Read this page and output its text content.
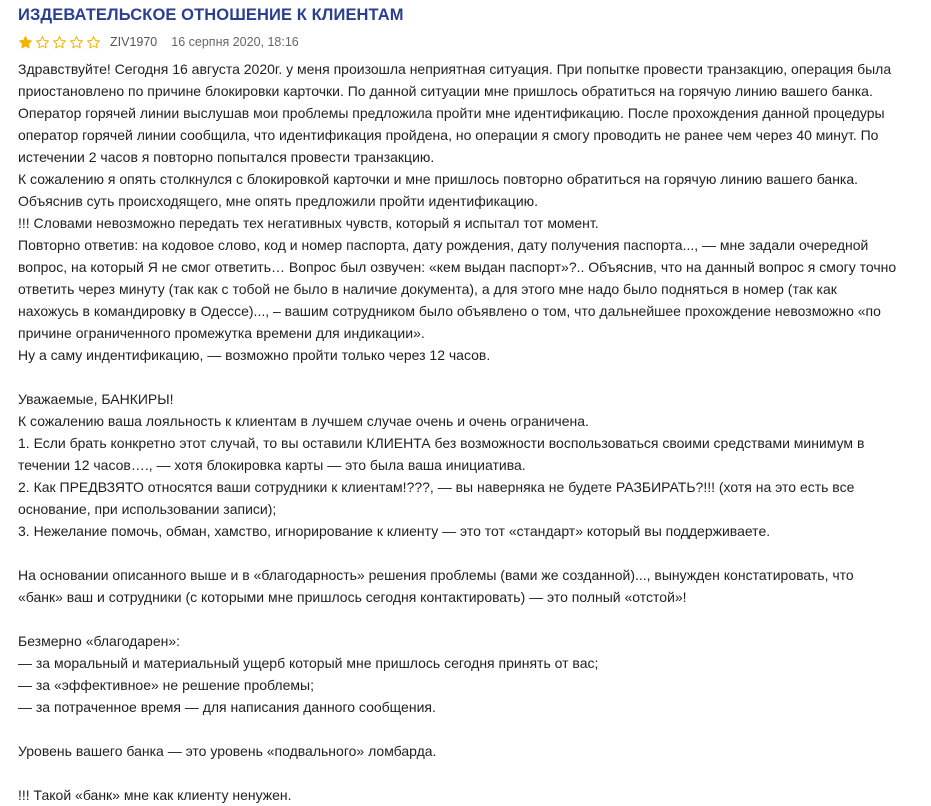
ИЗДЕВАТЕЛЬСКОЕ ОТНОШЕНИЕ К КЛИЕНТАМ
ZIV1970 16 серпня 2020, 18:16
Здравствуйте! Сегодня 16 августа 2020г. у меня произошла неприятная ситуация. При попытке провести транзакцию, операция была
приостановлено по причине блокировки карточки. По данной ситуации мне пришлось обратиться на горячую линию вашего банка.
Оператор горячей линии выслушав мои проблемы предложила пройти мне идентификацию. После прохождения данной процедуры
оператор горячей линии сообщила, что идентификация пройдена, но операции я смогу проводить не ранее чем через 40 минут. По
истечении 2 часов я повторно попытался провести транзакцию.
К сожалению я опять столкнулся с блокировкой карточки и мне пришлось повторно обратиться на горячую линию вашего банка.
Объяснив суть происходящего, мне опять предложили пройти идентификацию.
!!! Словами невозможно передать тех негативных чувств, который я испытал тот момент.
Повторно ответив: на кодовое слово, код и номер паспорта, дату рождения, дату получения паспорта..., — мне задали очередной
вопрос, на который Я не смог ответить… Вопрос был озвучен: «кем выдан паспорт»?.. Объяснив, что на данный вопрос я смогу точно
ответить через минуту (так как с тобой не было в наличие документа), а для этого мне надо было подняться в номер (так как
нахожусь в командировку в Одессе)..., – вашим сотрудником было объявлено о том, что дальнейшее прохождение невозможно «по
причине ограниченного промежутка времени для индикации».
Ну а саму индентификацию, — возможно пройти только через 12 часов.
Уважаемые, БАНКИРЫ!
К сожалению ваша лояльность к клиентам в лучшем случае очень и очень ограничена.
1. Если брать конкретно этот случай, то вы оставили КЛИЕНТА без возможности воспользоваться своими средствами минимум в
течении 12 часов…., — хотя блокировка карты — это была ваша инициатива.
2. Как ПРЕДВЗЯТО относятся ваши сотрудники к клиентам!???, — вы наверняка не будете РАЗБИРАТЬ?!!! (хотя на это есть все
основание, при использовании записи);
3. Нежелание помочь, обман, хамство, игнорирование к клиенту — это тот «стандарт» который вы поддерживаете.
На основании описанного выше и в «благодарность» решения проблемы (вами же созданной)..., вынужден констатировать, что
«банк» ваш и сотрудники (с которыми мне пришлось сегодня контактировать) — это полный «отстой»!
Безмерно «благодарен»:
— за моральный и материальный ущерб который мне пришлось сегодня принять от вас;
— за «эффективное» не решение проблемы;
— за потраченное время — для написания данного сообщения.
Уровень вашего банка — это уровень «подвального» ломбарда.
!!! Такой «банк» мне как клиенту ненужен.
